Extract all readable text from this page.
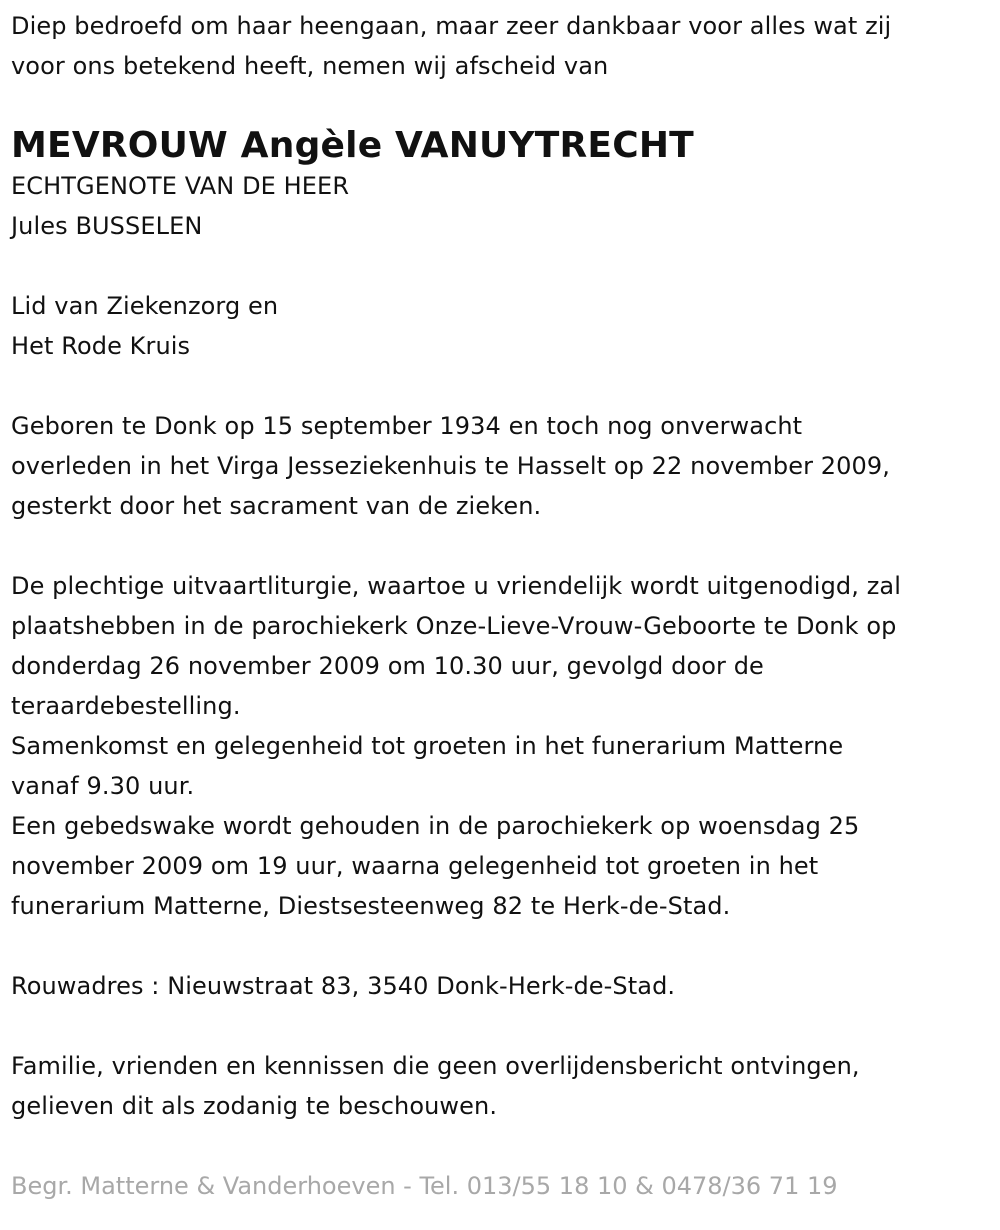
Diep bedroefd om haar heengaan, maar zeer dankbaar voor alles wat zij
voor ons betekend heeft, nemen wij afscheid van

MEVROUW Angèle VANUYTRECHT

ECHTGENOTE VAN DE HEER
Jules BUSSELEN

Lid van Ziekenzorg en
Het Rode Kruis

Geboren te Donk op 15 september 1934 en toch nog onverwacht
overleden in het Virga Jesseziekenhuis te Hasselt op 22 november 2009,
gesterkt door het sacrament van de zieken.

De plechtige uitvaartliturgie, waartoe u vriendelijk wordt uitgenodigd, zal
plaatshebben in de parochiekerk Onze-Lieve-Vrouw-Geboorte te Donk op
donderdag 26 november 2009 om 10.30 uur, gevolgd door de
teraardebestelling.
Samenkomst en gelegenheid tot groeten in het funerarium Matterne
vanaf 9.30 uur.
Een gebedswake wordt gehouden in de parochiekerk op woensdag 25
november 2009 om 19 uur, waarna gelegenheid tot groeten in het
funerarium Matterne, Diestsesteenweg 82 te Herk-de-Stad.

Rouwadres : Nieuwstraat 83, 3540 Donk-Herk-de-Stad.

Familie, vrienden en kennissen die geen overlijdensbericht ontvingen,
gelieven dit als zodanig te beschouwen.

Begr. Matterne & Vanderhoeven - Tel. 013/55 18 10 & 0478/36 71 19
